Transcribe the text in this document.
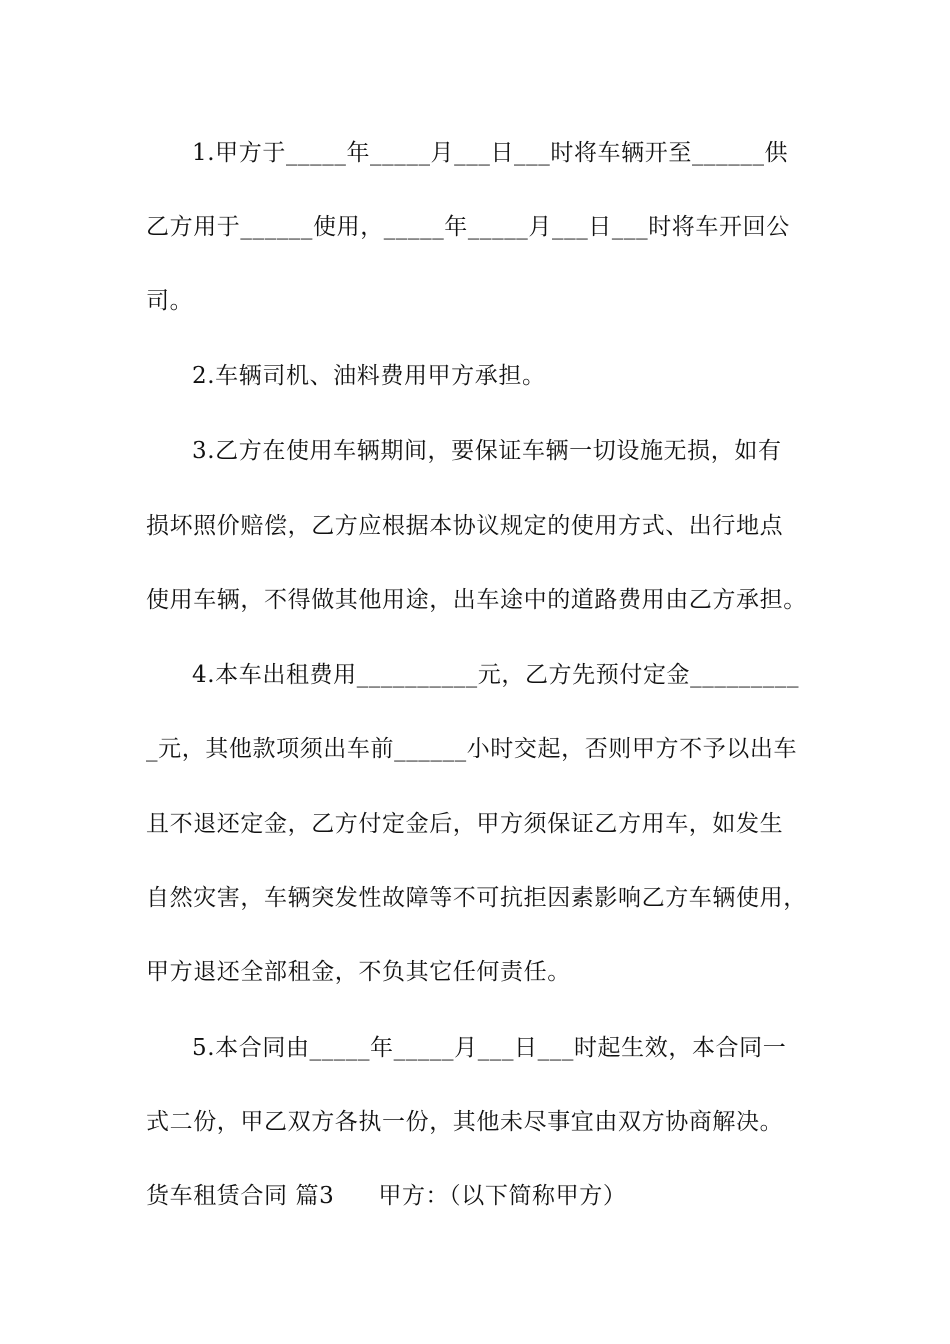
1.甲方于_____年_____月___日___时将车辆开至______供
乙方用于______使用，_____年_____月___日___时将车开回公
司。
2.车辆司机、油料费用甲方承担。
3.乙方在使用车辆期间，要保证车辆一切设施无损，如有
损坏照价赔偿，乙方应根据本协议规定的使用方式、出行地点
使用车辆，不得做其他用途，出车途中的道路费用由乙方承担。
4.本车出租费用__________元，乙方先预付定金_________
_元，其他款项须出车前______小时交起，否则甲方不予以出车
且不退还定金，乙方付定金后，甲方须保证乙方用车，如发生
自然灾害，车辆突发性故障等不可抗拒因素影响乙方车辆使用，
甲方退还全部租金，不负其它任何责任。
5.本合同由_____年_____月___日___时起生效，本合同一
式二份，甲乙双方各执一份，其他未尽事宜由双方协商解决。
货车租赁合同 篇3 甲方：（以下简称甲方）
